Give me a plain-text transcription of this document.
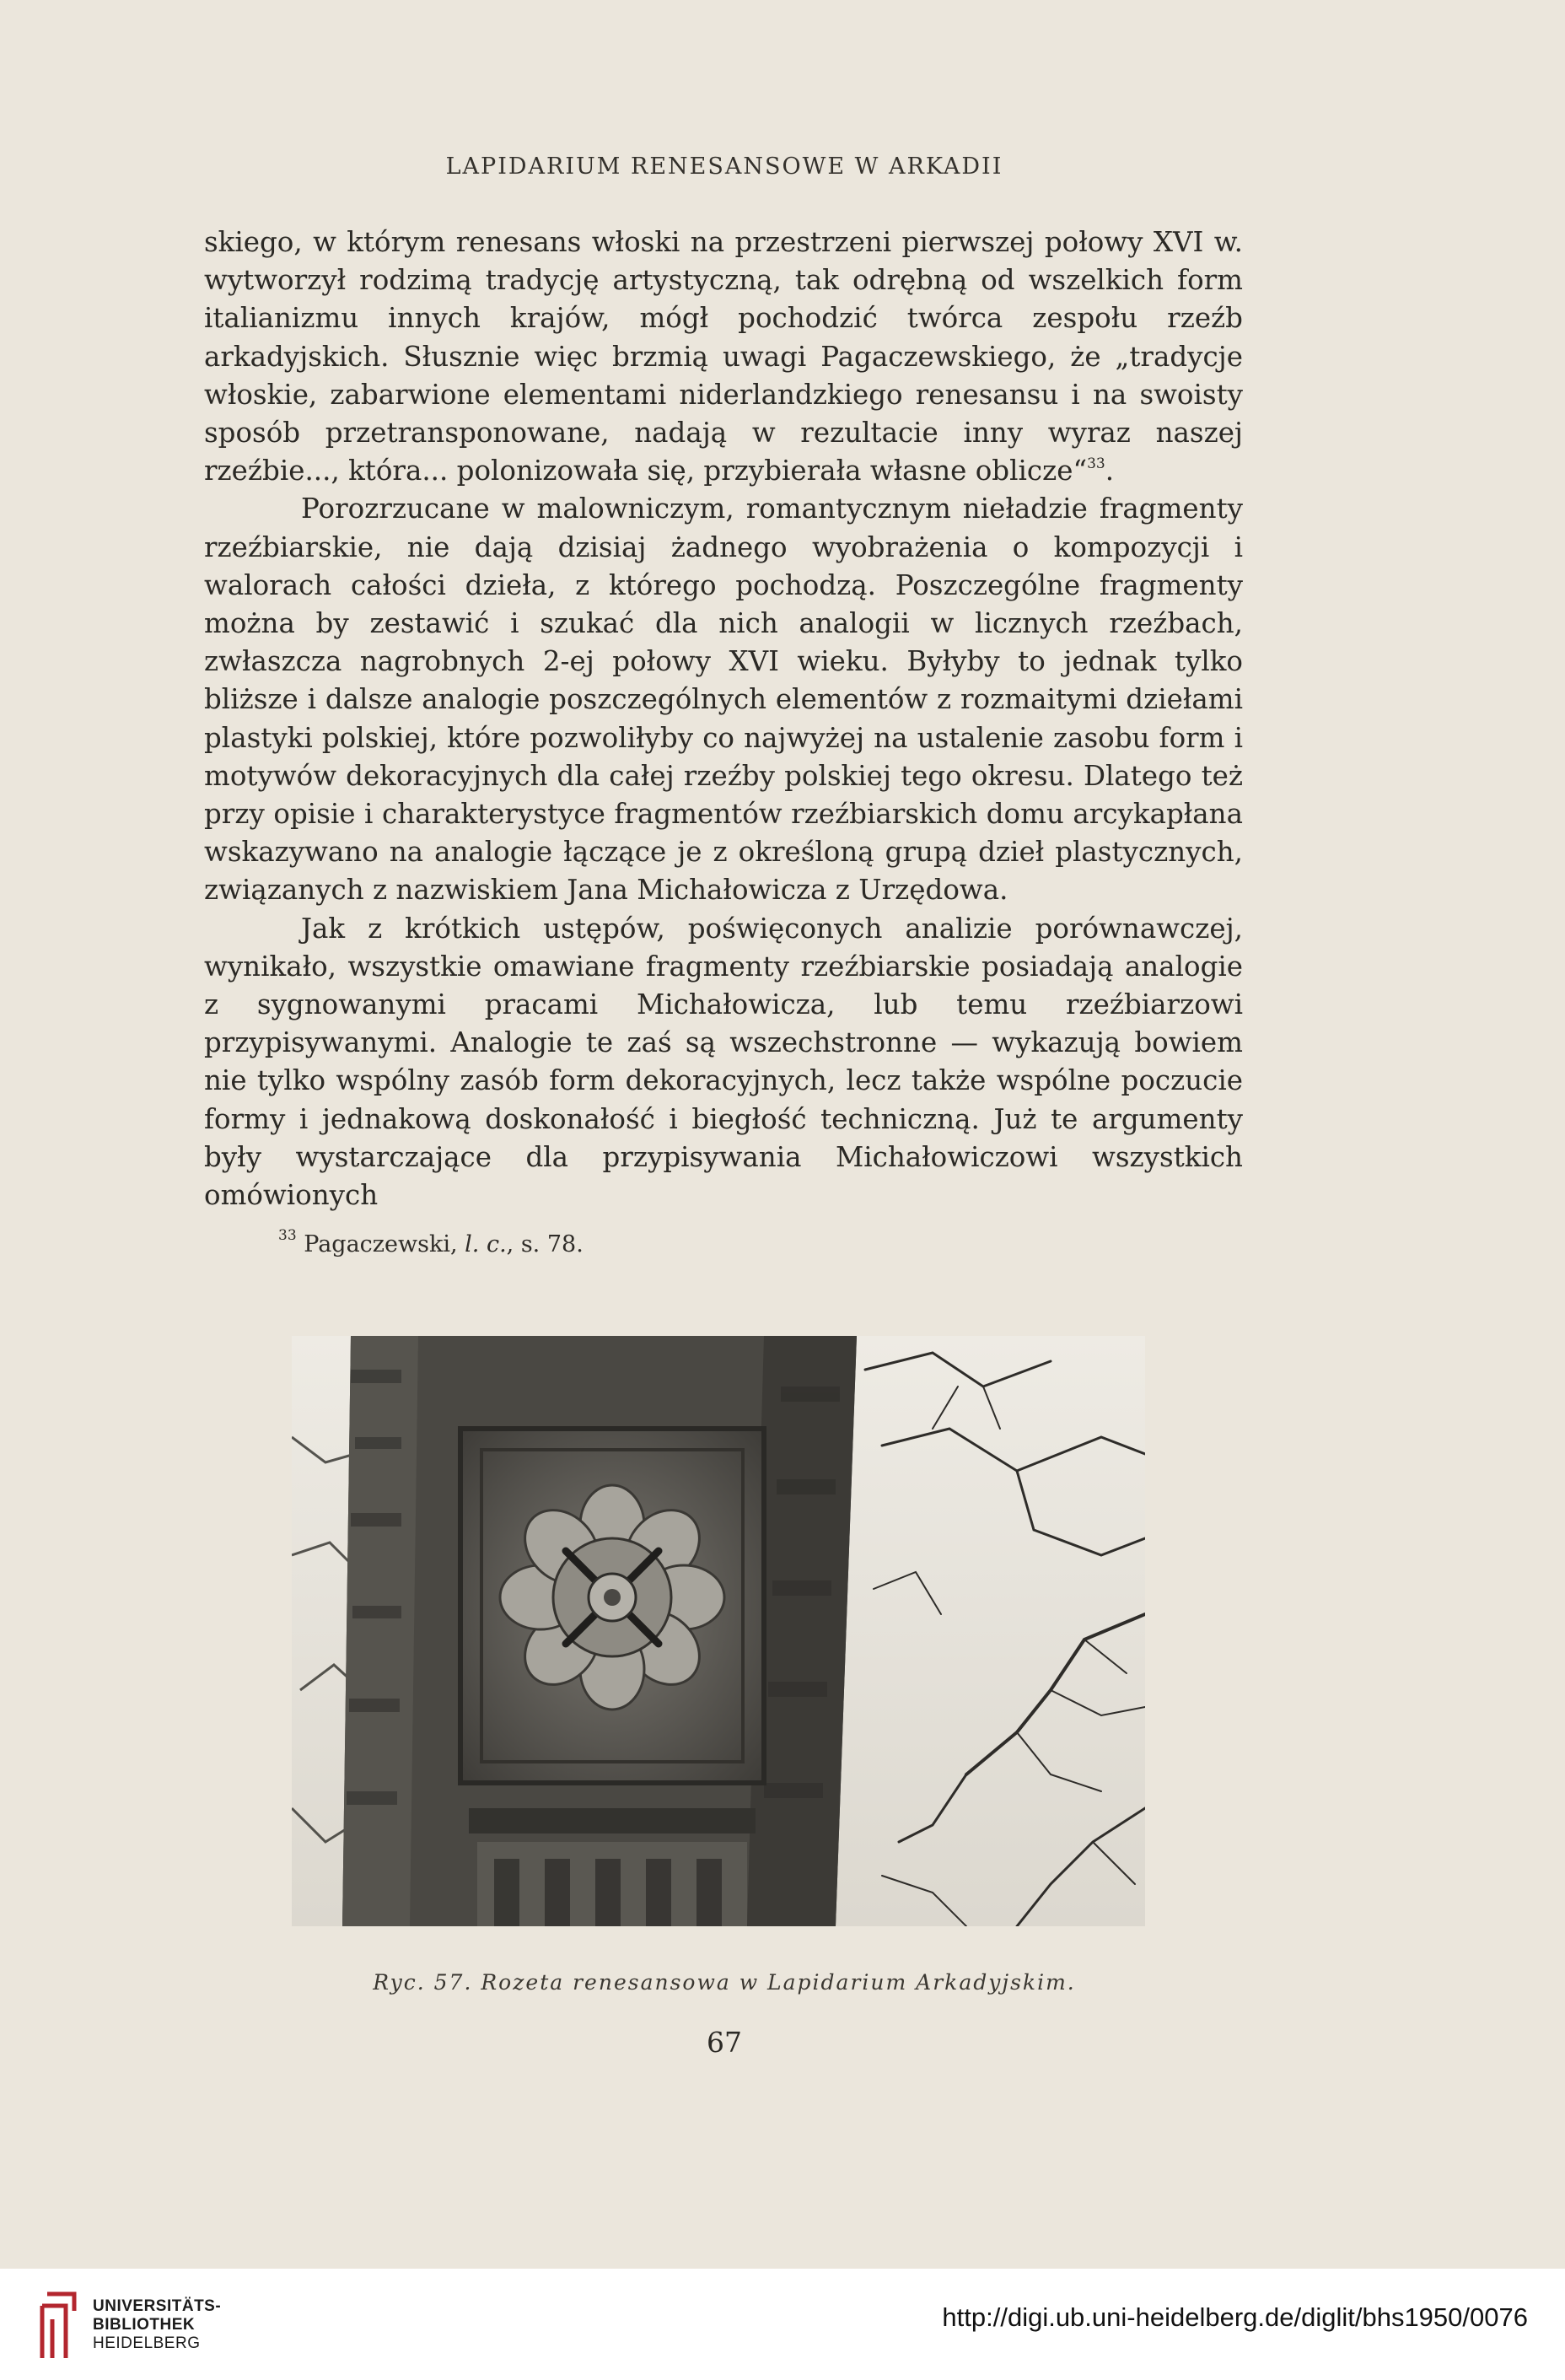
LAPIDARIUM RENESANSOWE W ARKADII

skiego, w którym renesans włoski na przestrzeni pierwszej połowy XVI w. wytworzył rodzimą tradycję artystyczną, tak odrębną od wszelkich form italianizmu innych krajów, mógł pochodzić twórca zespołu rzeźb arkadyjskich. Słusznie więc brzmią uwagi Pagaczewskiego, że „tradycje włoskie, zabarwione elementami niderlandzkiego renesansu i na swoisty sposób przetransponowane, nadają w rezultacie inny wyraz naszej rzeźbie..., która... polonizowała się, przybierała własne oblicze“$^{33}$.

Porozrzucane w malowniczym, romantycznym nieładzie fragmenty rzeźbiarskie, nie dają dzisiaj żadnego wyobrażenia o kompozycji i walorach całości dzieła, z którego pochodzą. Poszczególne fragmenty można by zestawić i szukać dla nich analogii w licznych rzeźbach, zwłaszcza nagrobnych 2-ej połowy XVI wieku. Byłyby to jednak tylko bliższe i dalsze analogie poszczególnych elementów z rozmaitymi dziełami plastyki polskiej, które pozwoliłyby co najwyżej na ustalenie zasobu form i motywów dekoracyjnych dla całej rzeźby polskiej tego okresu. Dlatego też przy opisie i charakterystyce fragmentów rzeźbiarskich domu arcykapłana wskazywano na analogie łączące je z określoną grupą dzieł plastycznych, związanych z nazwiskiem Jana Michałowicza z Urzędowa.

Jak z krótkich ustępów, poświęconych analizie porównawczej, wynikało, wszystkie omawiane fragmenty rzeźbiarskie posiadają analogie z sygnowanymi pracami Michałowicza, lub temu rzeźbiarzowi przypisywanymi. Analogie te zaś są wszechstronne — wykazują bowiem nie tylko wspólny zasób form dekoracyjnych, lecz także wspólne poczucie formy i jednakową doskonałość i biegłość techniczną. Już te argumenty były wystarczające dla przypisywania Michałowiczowi wszystkich omówionych

$^{33}$ Pagaczewski, l. c., s. 78.
Ryc. 57. Rozeta renesansowa w Lapidarium Arkadyjskim.
67
UNIVERSITÄTS-
BIBLIOTHEK
HEIDELBERG
http://digi.ub.uni-heidelberg.de/diglit/bhs1950/0076
